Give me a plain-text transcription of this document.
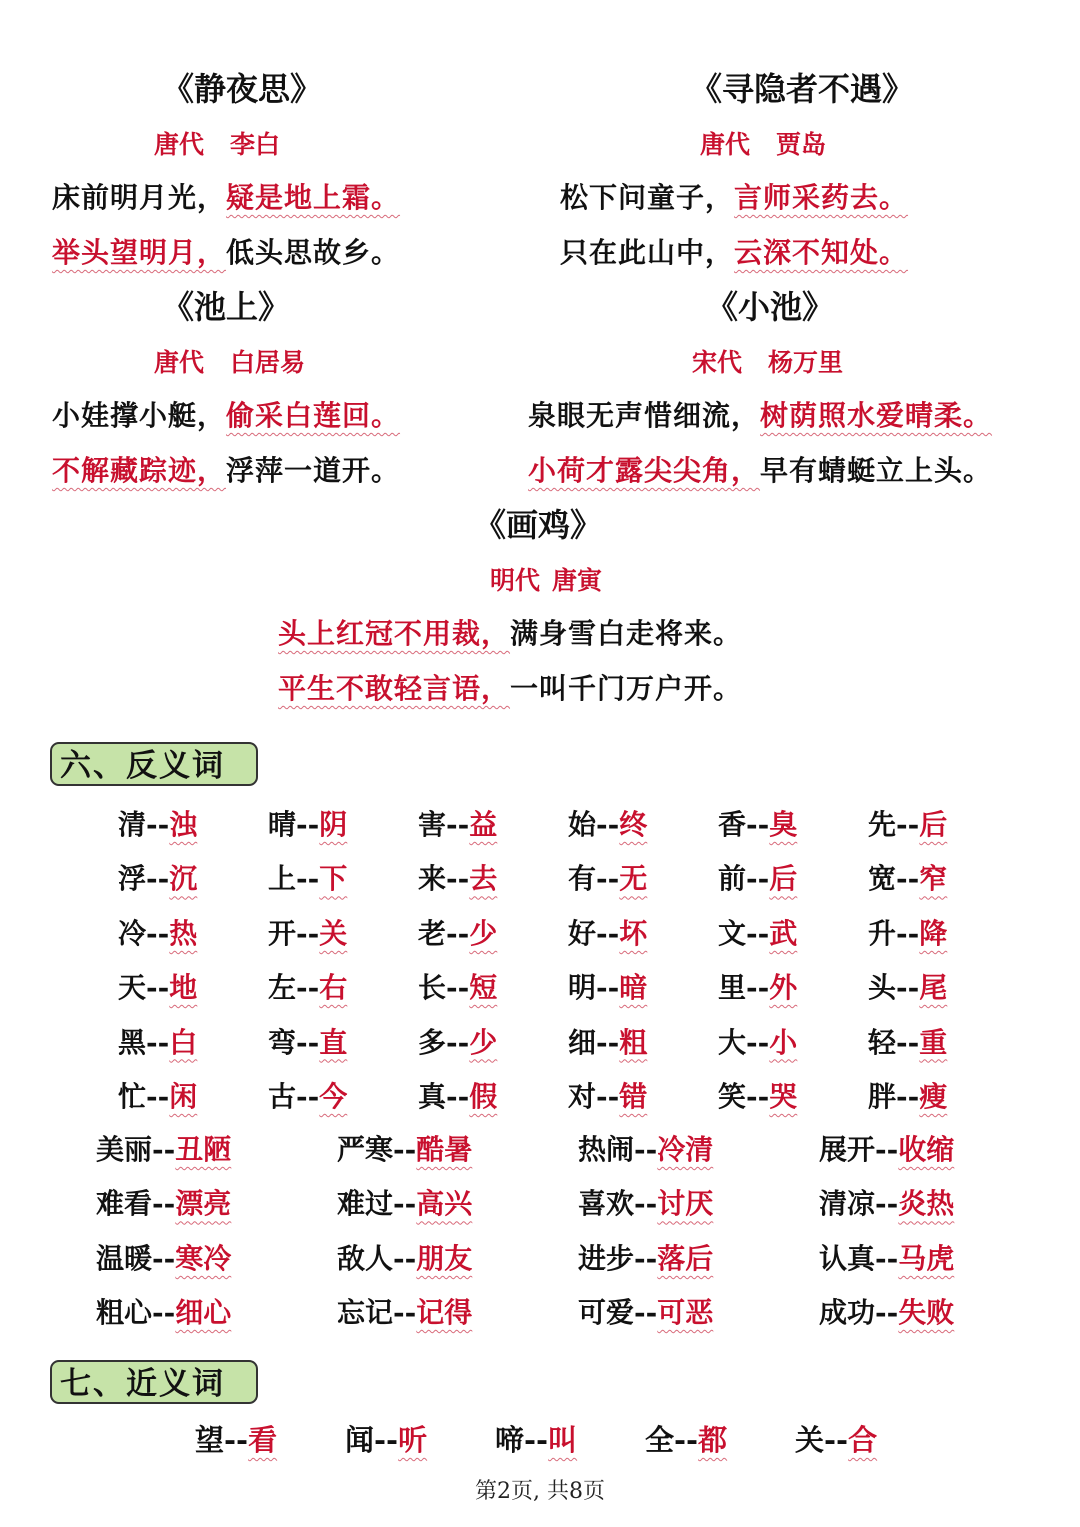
《静夜思》
唐代 李白
床前明月光，疑是地上霜。
举头望明月，低头思故乡。
《寻隐者不遇》
唐代 贾岛
松下问童子，言师采药去。
只在此山中，云深不知处。
《池上》
唐代 白居易
小娃撑小艇，偷采白莲回。
不解藏踪迹，浮萍一道开。
《小池》
宋代 杨万里
泉眼无声惜细流，树荫照水爱晴柔。
小荷才露尖尖角，早有蜻蜓立上头。
《画鸡》
明代 唐寅
头上红冠不用裁，满身雪白走将来。
平生不敢轻言语，一叫千门万户开。
六、反义词
清--浊	晴--阴	害--益	始--终	香--臭	先--后
浮--沉	上--下	来--去	有--无	前--后	宽--窄
冷--热	开--关	老--少	好--坏	文--武	升--降
天--地	左--右	长--短	明--暗	里--外	头--尾
黑--白	弯--直	多--少	细--粗	大--小	轻--重
忙--闲	古--今	真--假	对--错	笑--哭	胖--瘦
美丽--丑陋	严寒--酷暑	热闹--冷清	展开--收缩
难看--漂亮	难过--高兴	喜欢--讨厌	清凉--炎热
温暖--寒冷	敌人--朋友	进步--落后	认真--马虎
粗心--细心	忘记--记得	可爱--可恶	成功--失败
七、近义词
望--看	闻--听	啼--叫	全--都	关--合
第2页, 共8页
